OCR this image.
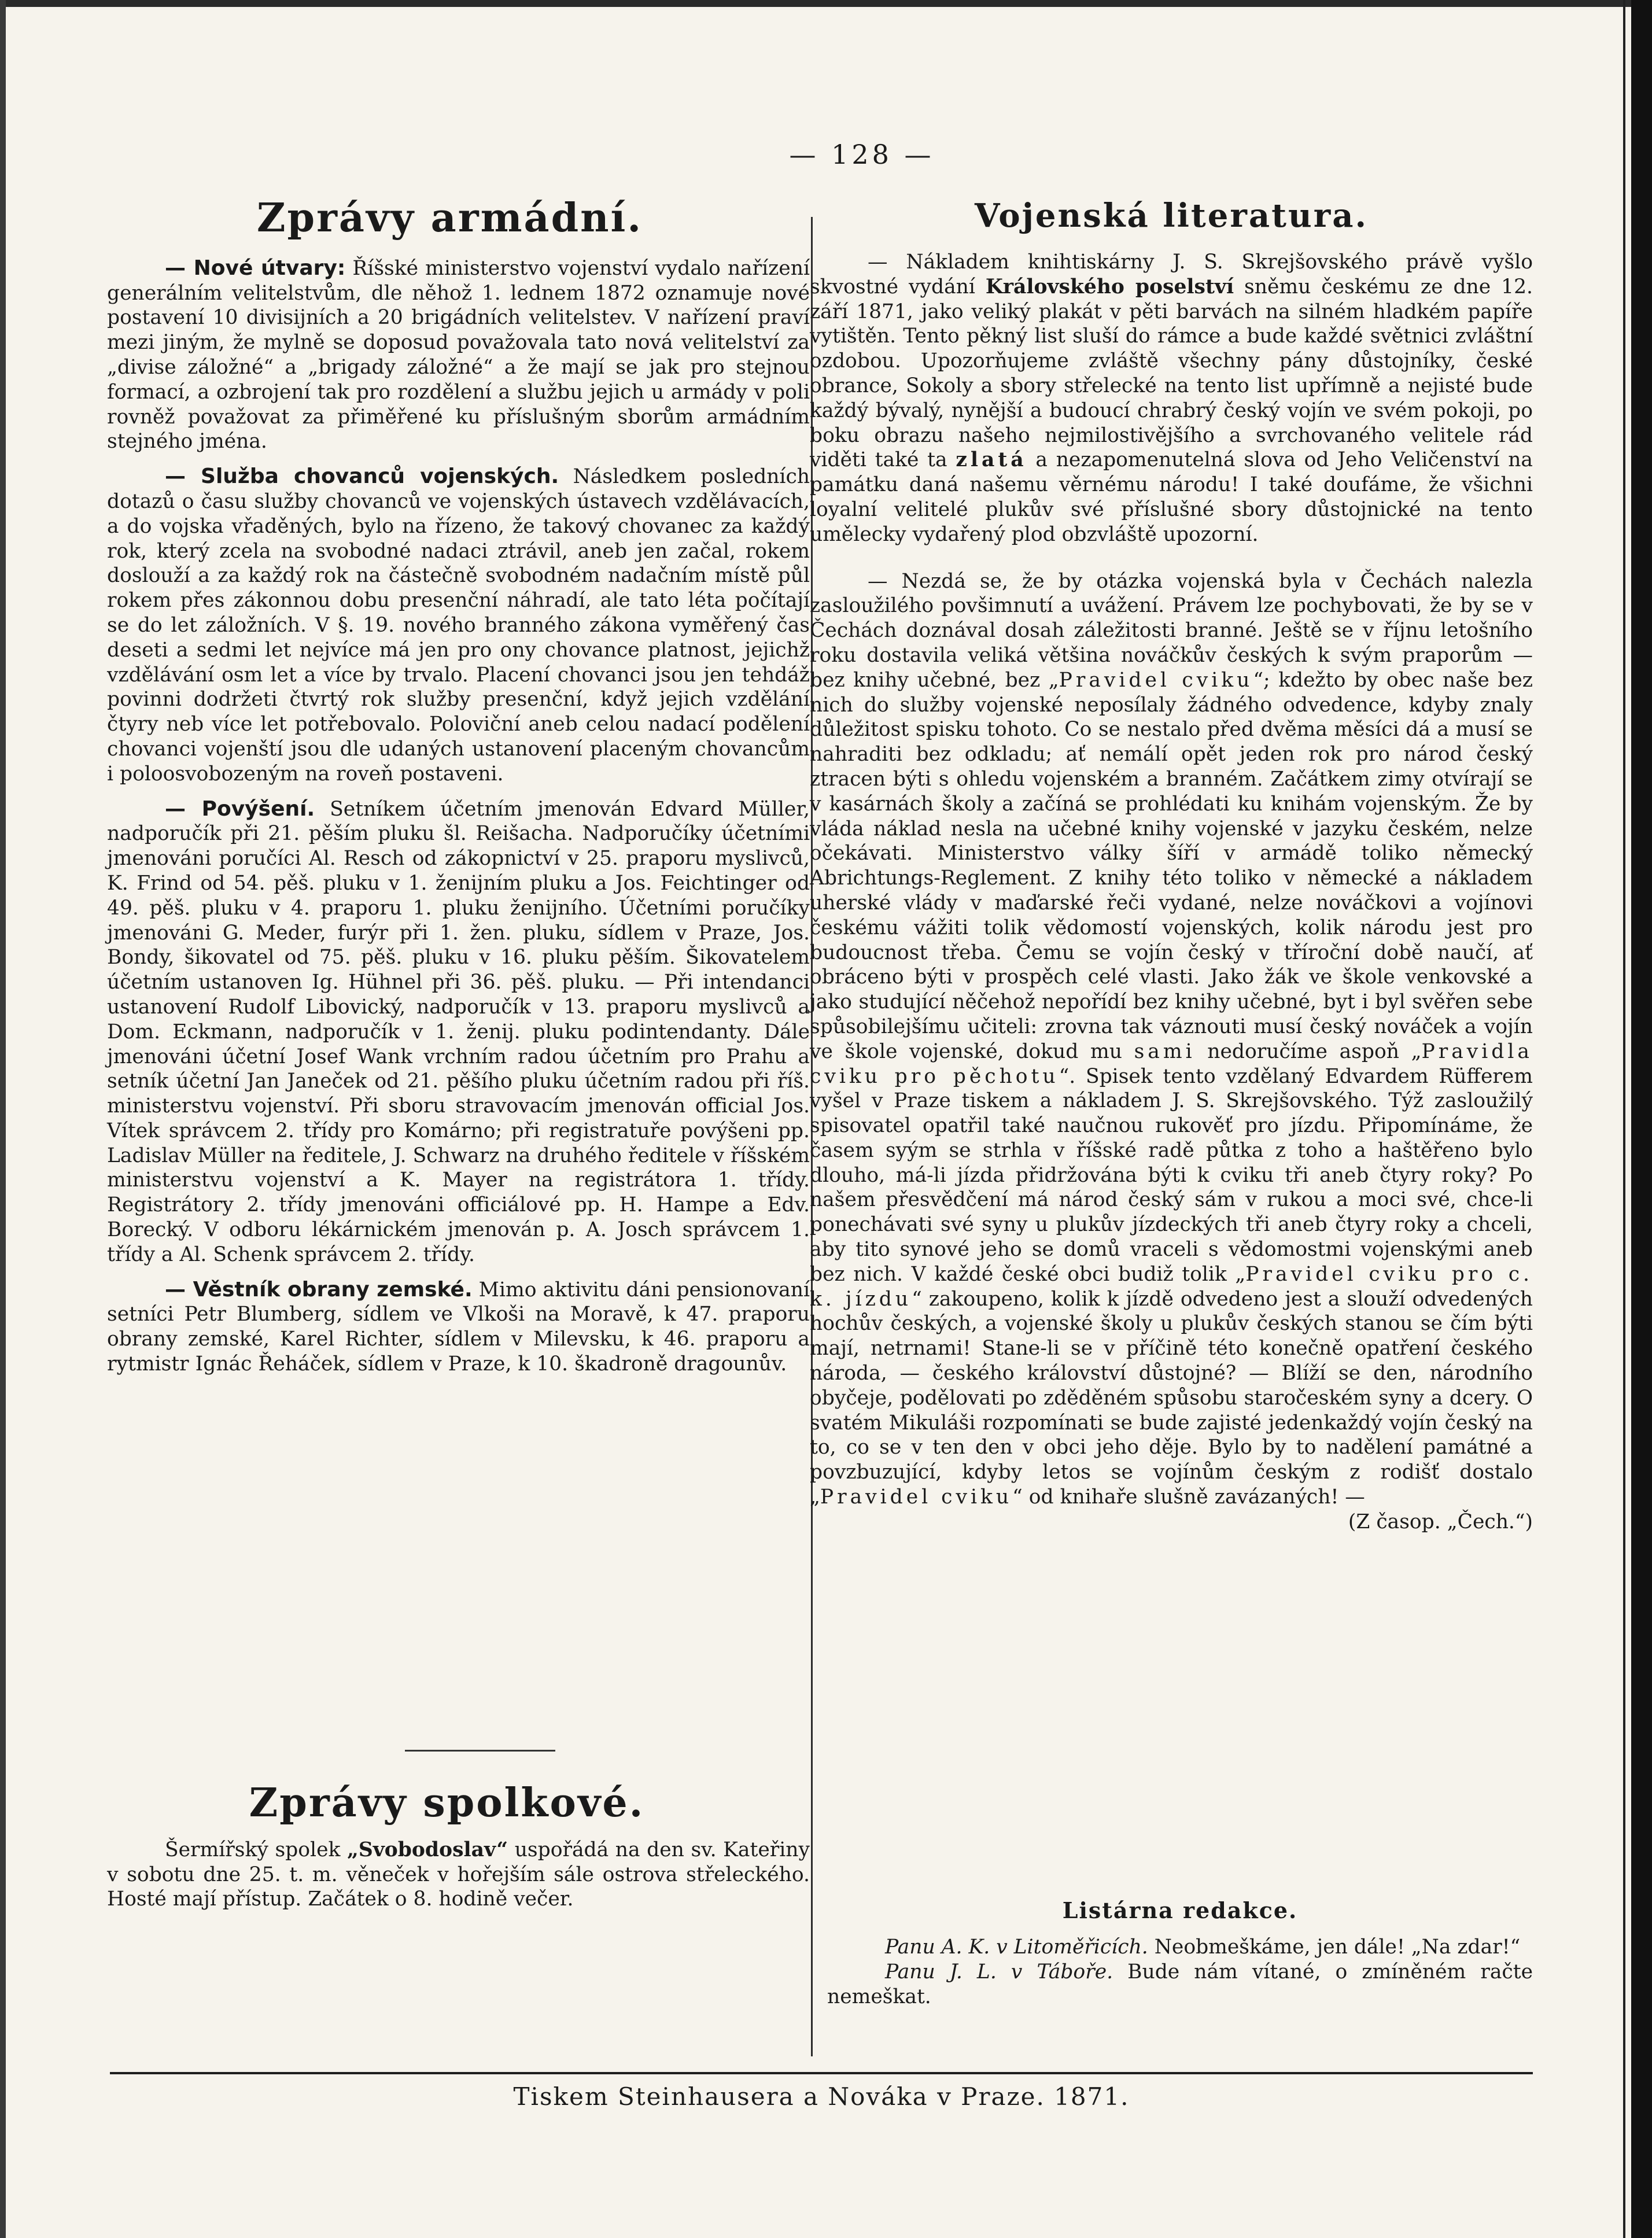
— 128 —
Zprávy armádní.

— Nové útvary: Říšské ministerstvo vojenství vydalo nařízení generálním velitelstvům, dle něhož 1. lednem 1872 oznamuje nové postavení 10 divisijních a 20 brigádních velitelstev. V nařízení praví mezi jiným, že mylně se doposud považovala tato nová velitelství za „divise záložné“ a „brigady záložné“ a že mají se jak pro stejnou formací, a ozbrojení tak pro rozdělení a službu jejich u armády v poli rovněž považovat za přiměřené ku příslušným sborům armádním stejného jména.

— Služba chovanců vojenských. Následkem posledních dotazů o času služby chovanců ve vojenských ústavech vzdělávacích, a do vojska vřaděných, bylo na řízeno, že takový chovanec za každý rok, který zcela na svobodné nadaci ztrávil, aneb jen začal, rokem doslouží a za každý rok na částečně svobodném nadačním místě půl rokem přes zákonnou dobu presenční náhradí, ale tato léta počítají se do let záložních. V §. 19. nového branného zákona vyměřený čas deseti a sedmi let nejvíce má jen pro ony chovance platnost, jejichž vzdělávání osm let a více by trvalo. Placení chovanci jsou jen tehdáž povinni dodržeti čtvrtý rok služby presenční, když jejich vzdělání čtyry neb více let potřebovalo. Poloviční aneb celou nadací podělení chovanci vojenští jsou dle udaných ustanovení placeným chovancům i poloosvobozeným na roveň postaveni.

— Povýšení. Setníkem účetním jmenován Edvard Müller, nadporučík při 21. pěším pluku šl. Reišacha. Nadporučíky účetními jmenováni poručíci Al. Resch od zákopnictví v 25. praporu myslivců, K. Frind od 54. pěš. pluku v 1. ženijním pluku a Jos. Feichtinger od 49. pěš. pluku v 4. praporu 1. pluku ženijního. Účetními poručíky jmenováni G. Meder, furýr při 1. žen. pluku, sídlem v Praze, Jos. Bondy, šikovatel od 75. pěš. pluku v 16. pluku pěším. Šikovatelem účetním ustanoven Ig. Hühnel při 36. pěš. pluku. — Při intendanci ustanovení Rudolf Libovický, nadporučík v 13. praporu myslivců a Dom. Eckmann, nadporučík v 1. ženij. pluku podintendanty. Dále jmenováni účetní Josef Wank vrchním radou účetním pro Prahu a setník účetní Jan Janeček od 21. pěšího pluku účetním radou při říš. ministerstvu vojenství. Při sboru stravovacím jmenován official Jos. Vítek správcem 2. třídy pro Komárno; při registratuře povýšeni pp. Ladislav Müller na ředitele, J. Schwarz na druhého ředitele v říšském ministerstvu vojenství a K. Mayer na registrátora 1. třídy. Registrátory 2. třídy jmenováni officiálové pp. H. Hampe a Edv. Borecký. V odboru lékárnickém jmenován p. A. Josch správcem 1. třídy a Al. Schenk správcem 2. třídy.

— Věstník obrany zemské. Mimo aktivitu dáni pensionovaní setníci Petr Blumberg, sídlem ve Vlkoši na Moravě, k 47. praporu obrany zemské, Karel Richter, sídlem v Milevsku, k 46. praporu a rytmistr Ignác Řeháček, sídlem v Praze, k 10. škadroně dragounův.

Zprávy spolkové.

Šermířský spolek „Svobodoslav“ uspořádá na den sv. Kateřiny v sobotu dne 25. t. m. věneček v hořejším sále ostrova střeleckého. Hosté mají přístup. Začátek o 8. hodině večer.

Vojenská literatura.

— Nákladem knihtiskárny J. S. Skrejšovského právě vyšlo skvostné vydání Královského poselství sněmu českému ze dne 12. září 1871, jako veliký plakát v pěti barvách na silném hladkém papíře vytištěn. Tento pěkný list sluší do rámce a bude každé světnici zvláštní ozdobou. Upozorňujeme zvláště všechny pány důstojníky, české obrance, Sokoly a sbory střelecké na tento list upřímně a nejisté bude každý bývalý, nynější a budoucí chrabrý český vojín ve svém pokoji, po boku obrazu našeho nejmilostivějšího a svrchovaného velitele rád viděti také ta zlatá a nezapomenutelná slova od Jeho Veličenství na památku daná našemu věrnému národu! I také doufáme, že všichni loyalní velitelé plukův své příslušné sbory důstojnické na tento umělecky vydařený plod obzvláště upozorní.

— Nezdá se, že by otázka vojenská byla v Čechách nalezla zasloužilého povšimnutí a uvážení. Právem lze pochybovati, že by se v Čechách doznával dosah záležitosti branné. Ještě se v říjnu letošního roku dostavila veliká většina nováčkův českých k svým praporům — bez knihy učebné, bez „Pravidel cviku“; kdežto by obec naše bez nich do služby vojenské neposílaly žádného odvedence, kdyby znaly důležitost spisku tohoto. Co se nestalo před dvěma měsíci dá a musí se nahraditi bez odkladu; ať nemálí opět jeden rok pro národ český ztracen býti s ohledu vojenském a branném. Začátkem zimy otvírají se v kasárnách školy a začíná se prohlédati ku knihám vojenským. Že by vláda náklad nesla na učebné knihy vojenské v jazyku českém, nelze očekávati. Ministerstvo války šíří v armádě toliko německý Abrichtungs-Reglement. Z knihy této toliko v německé a nákladem uherské vlády v maďarské řeči vydané, nelze nováčkovi a vojínovi českému vážiti tolik vědomostí vojenských, kolik národu jest pro budoucnost třeba. Čemu se vojín český v tříroční době naučí, ať obráceno býti v prospěch celé vlasti. Jako žák ve škole venkovské a jako studující něčehož nepořídí bez knihy učebné, byt i byl svěřen sebe spůsobilejšímu učiteli: zrovna tak váznouti musí český nováček a vojín ve škole vojenské, dokud mu sami nedoručíme aspoň „Pravidla cviku pro pěchotu“. Spisek tento vzdělaný Edvardem Rüfferem vyšel v Praze tiskem a nákladem J. S. Skrejšovského. Týž zasloužilý spisovatel opatřil také naučnou rukověť pro jízdu. Připomínáme, že časem syým se strhla v říšské radě půtka z toho a haštěřeno bylo dlouho, má-li jízda přidržována býti k cviku tři aneb čtyry roky? Po našem přesvědčení má národ český sám v rukou a moci své, chce-li ponechávati své syny u plukův jízdeckých tři aneb čtyry roky a chceli, aby tito synové jeho se domů vraceli s vědomostmi vojenskými aneb bez nich. V každé české obci budiž tolik „Pravidel cviku pro c. k. jízdu“ zakoupeno, kolik k jízdě odvedeno jest a slouží odvedených hochův českých, a vojenské školy u plukův českých stanou se čím býti mají, netrnami! Stane-li se v příčině této konečně opatření českého národa, — českého království důstojné? — Blíží se den, národního obyčeje, podělovati po zděděném spůsobu staročeském syny a dcery. O svatém Mikuláši rozpomínati se bude zajisté jedenkaždý vojín český na to, co se v ten den v obci jeho děje. Bylo by to nadělení památné a povzbuzující, kdyby letos se vojínům českým z rodišť dostalo „Pravidel cviku“ od knihaře slušně zavázaných! —

(Z časop. „Čech.“)
Listárna redakce.

Panu A. K. v Litoměřicích. Neobmeškáme, jen dále! „Na zdar!“

Panu J. L. v Táboře. Bude nám vítané, o zmíněném račte nemeškat.

Tiskem Steinhausera a Nováka v Praze. 1871.
